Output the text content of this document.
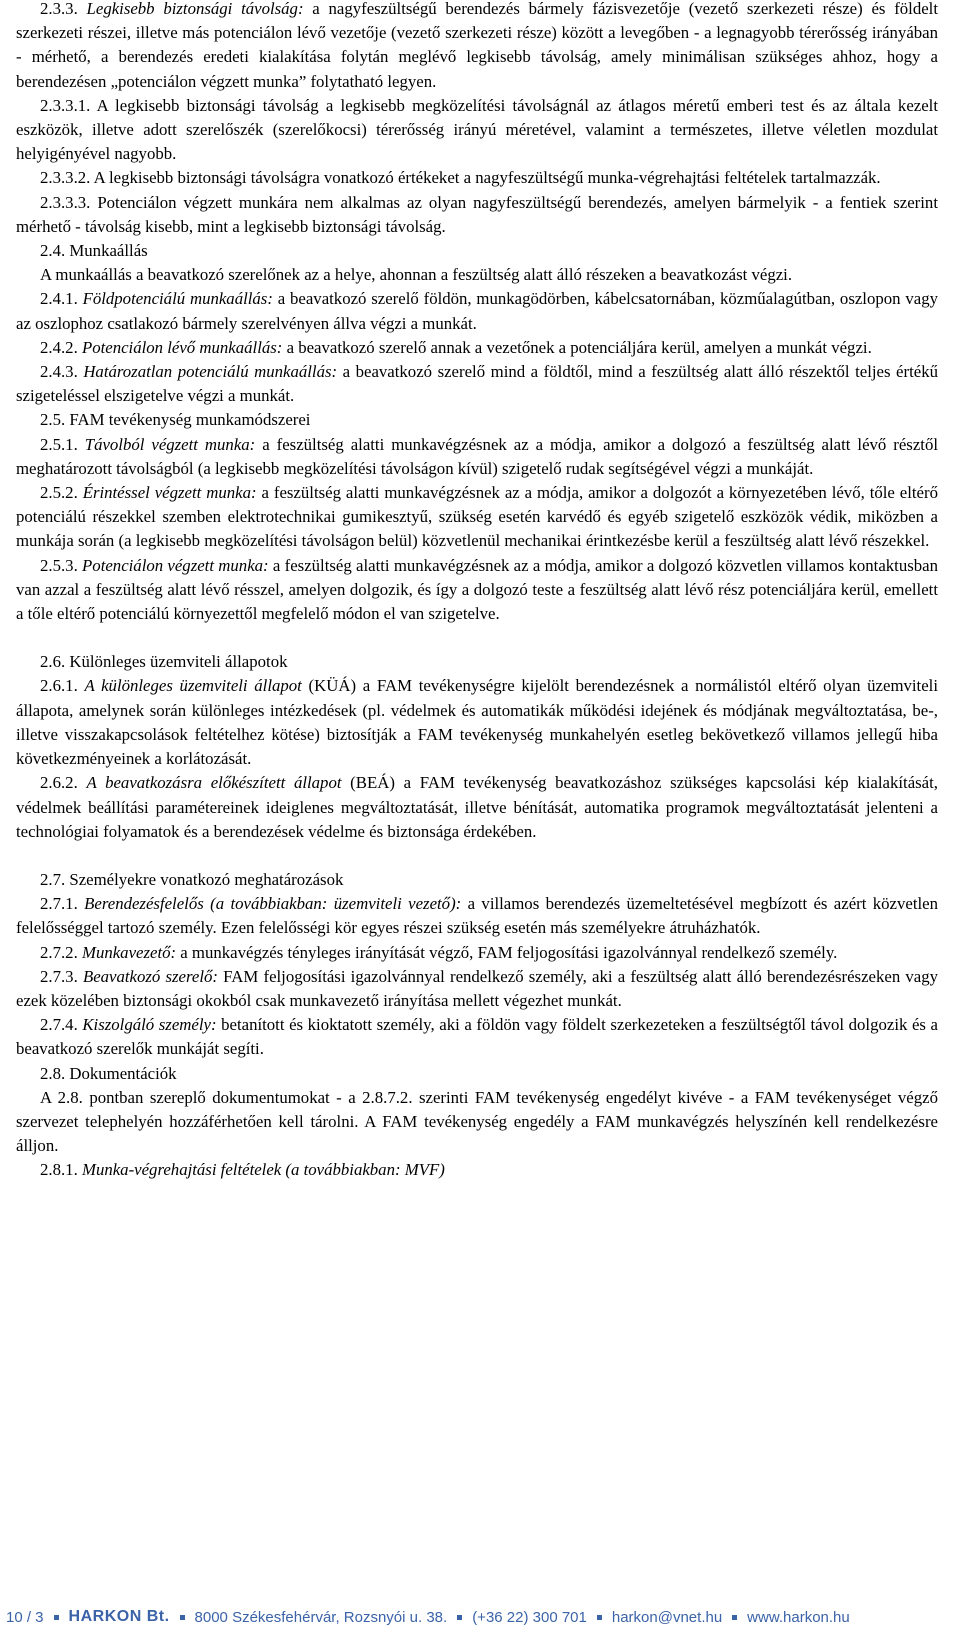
2.3.3. Legkisebb biztonsági távolság: a nagyfeszültségű berendezés bármely fázisvezetője (vezető szerkezeti része) és földelt szerkezeti részei, illetve más potenciálon lévő vezetője (vezető szerkezeti része) között a levegőben - a legnagyobb térerősség irányában - mérhető, a berendezés eredeti kialakítása folytán meglévő legkisebb távolság, amely minimálisan szükséges ahhoz, hogy a berendezésen „potenciálon végzett munka” folytatható legyen.

2.3.3.1. A legkisebb biztonsági távolság a legkisebb megközelítési távolságnál az átlagos méretű emberi test és az általa kezelt eszközök, illetve adott szerelőszék (szerelőkocsi) térerősség irányú méretével, valamint a természetes, illetve véletlen mozdulat helyigényével nagyobb.

2.3.3.2. A legkisebb biztonsági távolságra vonatkozó értékeket a nagyfeszültségű munka-végrehajtási feltételek tartalmazzák.

2.3.3.3. Potenciálon végzett munkára nem alkalmas az olyan nagyfeszültségű berendezés, amelyen bármelyik - a fentiek szerint mérhető - távolság kisebb, mint a legkisebb biztonsági távolság.

2.4. Munkaállás

A munkaállás a beavatkozó szerelőnek az a helye, ahonnan a feszültség alatt álló részeken a beavatkozást végzi.

2.4.1. Földpotenciálú munkaállás: a beavatkozó szerelő földön, munkagödörben, kábelcsatornában, közműalagútban, oszlopon vagy az oszlophoz csatlakozó bármely szerelvényen állva végzi a munkát.

2.4.2. Potenciálon lévő munkaállás: a beavatkozó szerelő annak a vezetőnek a potenciáljára kerül, amelyen a munkát végzi.

2.4.3. Határozatlan potenciálú munkaállás: a beavatkozó szerelő mind a földtől, mind a feszültség alatt álló részektől teljes értékű szigeteléssel elszigetelve végzi a munkát.

2.5. FAM tevékenység munkamódszerei

2.5.1. Távolból végzett munka: a feszültség alatti munkavégzésnek az a módja, amikor a dolgozó a feszültség alatt lévő résztől meghatározott távolságból (a legkisebb megközelítési távolságon kívül) szigetelő rudak segítségével végzi a munkáját.

2.5.2. Érintéssel végzett munka: a feszültség alatti munkavégzésnek az a módja, amikor a dolgozót a környezetében lévő, tőle eltérő potenciálú részekkel szemben elektrotechnikai gumikesztyű, szükség esetén karvédő és egyéb szigetelő eszközök védik, miközben a munkája során (a legkisebb megközelítési távolságon belül) közvetlenül mechanikai érintkezésbe kerül a feszültség alatt lévő részekkel.

2.5.3. Potenciálon végzett munka: a feszültség alatti munkavégzésnek az a módja, amikor a dolgozó közvetlen villamos kontaktusban van azzal a feszültség alatt lévő résszel, amelyen dolgozik, és így a dolgozó teste a feszültség alatt lévő rész potenciáljára kerül, emellett a tőle eltérő potenciálú környezettől megfelelő módon el van szigetelve.

2.6. Különleges üzemviteli állapotok

2.6.1. A különleges üzemviteli állapot (KÜÁ) a FAM tevékenységre kijelölt berendezésnek a normálistól eltérő olyan üzemviteli állapota, amelynek során különleges intézkedések (pl. védelmek és automatikák működési idejének és módjának megváltoztatása, be-, illetve visszakapcsolások feltételhez kötése) biztosítják a FAM tevékenység munkahelyén esetleg bekövetkező villamos jellegű hiba következményeinek a korlátozását.

2.6.2. A beavatkozásra előkészített állapot (BEÁ) a FAM tevékenység beavatkozáshoz szükséges kapcsolási kép kialakítását, védelmek beállítási paramétereinek ideiglenes megváltoztatását, illetve bénítását, automatika programok megváltoztatását jelenteni a technológiai folyamatok és a berendezések védelme és biztonsága érdekében.

2.7. Személyekre vonatkozó meghatározások

2.7.1. Berendezésfelelős (a továbbiakban: üzemviteli vezető): a villamos berendezés üzemeltetésével megbízott és azért közvetlen felelősséggel tartozó személy. Ezen felelősségi kör egyes részei szükség esetén más személyekre átruházhatók.

2.7.2. Munkavezető: a munkavégzés tényleges irányítását végző, FAM feljogosítási igazolvánnyal rendelkező személy.

2.7.3. Beavatkozó szerelő: FAM feljogosítási igazolvánnyal rendelkező személy, aki a feszültség alatt álló berendezésrészeken vagy ezek közelében biztonsági okokból csak munkavezető irányítása mellett végezhet munkát.

2.7.4. Kiszolgáló személy: betanított és kioktatott személy, aki a földön vagy földelt szerkezeteken a feszültségtől távol dolgozik és a beavatkozó szerelők munkáját segíti.

2.8. Dokumentációk

A 2.8. pontban szereplő dokumentumokat - a 2.8.7.2. szerinti FAM tevékenység engedélyt kivéve - a FAM tevékenységet végző szervezet telephelyén hozzáférhetően kell tárolni. A FAM tevékenység engedély a FAM munkavégzés helyszínén kell rendelkezésre álljon.

2.8.1. Munka-végrehajtási feltételek (a továbbiakban: MVF)

10 / 3 HARKON Bt. 8000 Székesfehérvár, Rozsnyói u. 38. (+36 22) 300 701 harkon@vnet.hu www.harkon.hu
